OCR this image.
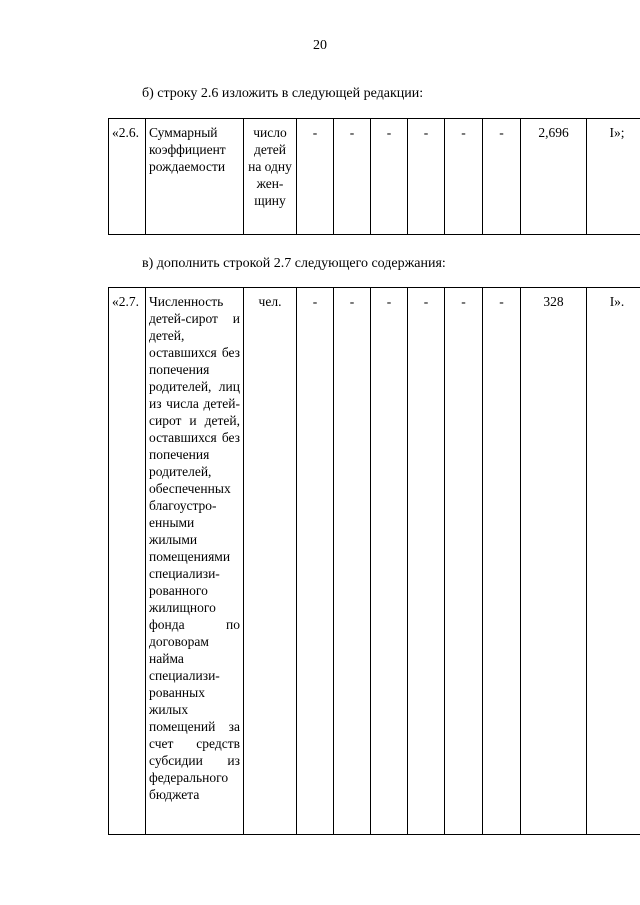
20

б) строку 2.6 изложить в следующей редакции:

«2.6.	Суммарный коэффициент рождаемости	число детей на одну жен-щину	-	-	-	-	-	-	2,696	I»;

в) дополнить строкой 2.7 следующего содержания:

«2.7.	Численность детей-сирот и детей, оставшихся без попечения родителей, лиц из числа детей-сирот и детей, оставшихся без попечения родителей, обеспеченных благоустро-енными жилыми помещениями специализи-рованного жилищного фонда по договорам найма специализи-рованных жилых помещений за счет средств субсидии из федерального бюджета	чел.	-	-	-	-	-	-	328	I».
